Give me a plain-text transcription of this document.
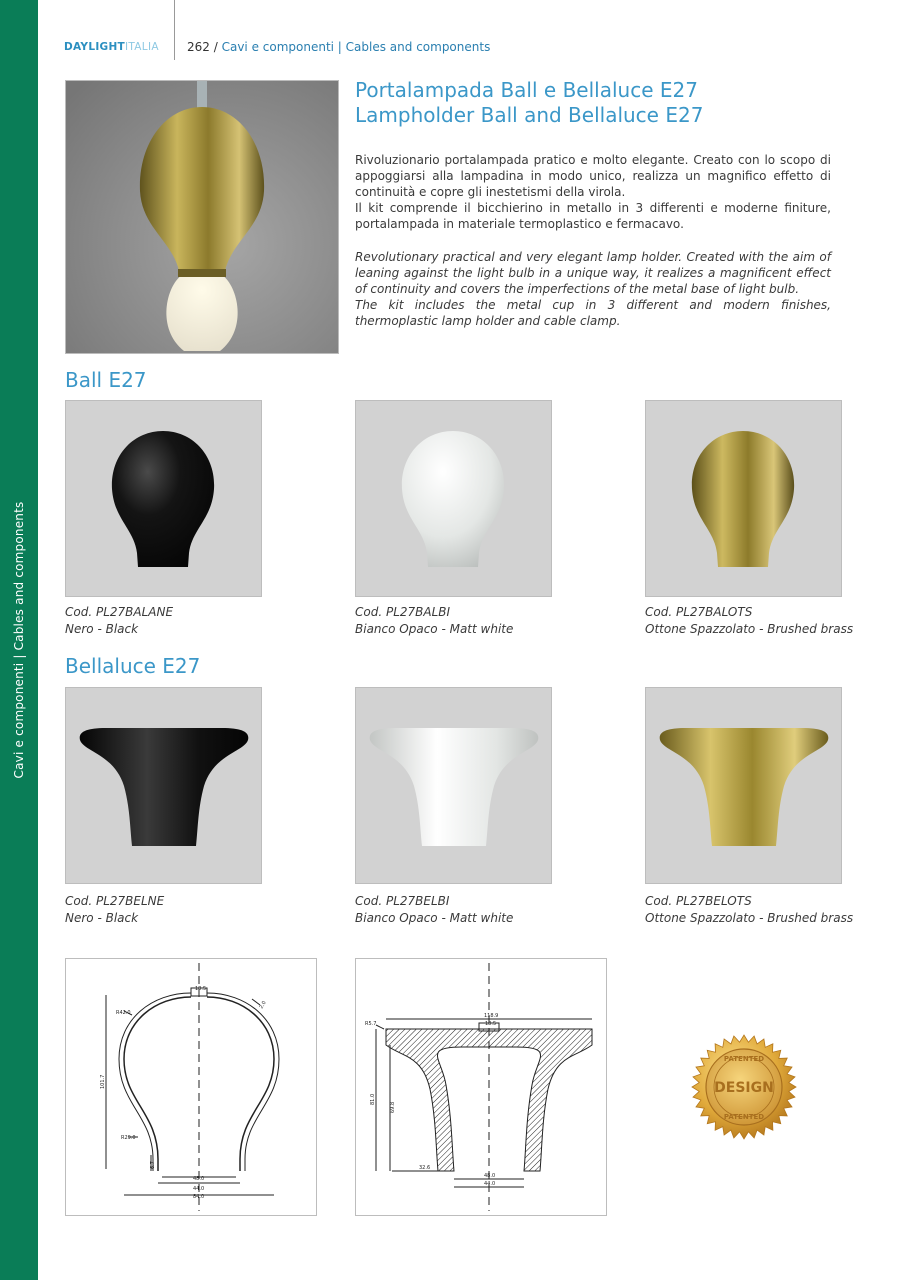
Cavi e componenti | Cables and components
DAYLIGHTITALIA 262 / Cavi e componenti | Cables and components
Portalampada Ball e Bellaluce E27
Lampholder Ball and Bellaluce E27
Rivoluzionario portalampada pratico e molto elegante. Creato con lo scopo di appoggiarsi alla lampadina in modo unico, realizza un magnifico effetto di continuità e copre gli inestetismi della virola.
Il kit comprende il bicchierino in metallo in 3 differenti e moderne finiture, portalampada in materiale termoplastico e fermacavo.
Revolutionary practical and very elegant lamp holder. Created with the aim of leaning against the light bulb in a unique way, it realizes a magnificent effect of continuity and covers the imperfections of the metal base of light bulb.
The kit includes the metal cup in 3 different and modern finishes, thermoplastic lamp holder and cable clamp.
Ball E27
Cod. PL27BALANE
Nero - Black
Cod. PL27BALBI
Bianco Opaco - Matt white
Cod. PL27BALOTS
Ottone Spazzolato - Brushed brass
Bellaluce E27
Cod. PL27BELNE
Nero - Black
Cod. PL27BELBI
Bianco Opaco - Matt white
Cod. PL27BELOTS
Ottone Spazzolato - Brushed brass
18.5
R42.0
101.7
R29.0
48.0
44.0
84.0
2.0
6.7
118.9
18.5
R5.7
81.0
69.8
32.6
48.0
44.0
PATENTED
DESIGN
PATENTED
